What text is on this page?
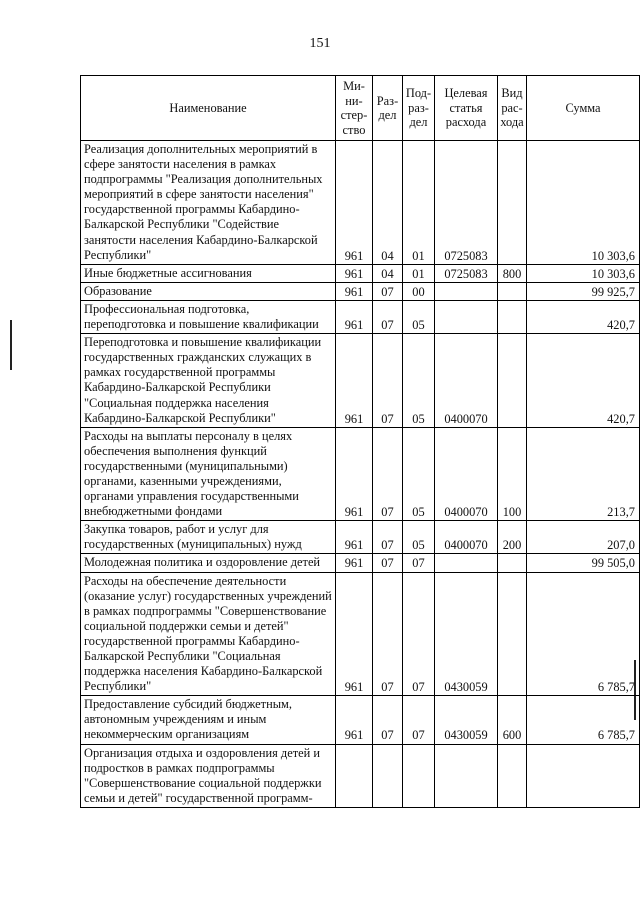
151
Наименование	Ми-ни-стер-ство	Раз-дел	Под-раз-дел	Целевая статья расхода	Вид рас-хода	Сумма
Реализация дополнительных мероприятий в сфере занятости населения в рамках подпрограммы "Реализация дополнительных мероприятий в сфере занятости населения" государственной программы Кабардино-Балкарской Республики "Содействие занятости населения Кабардино-Балкарской Республики"	961	04	01	0725083		10 303,6
Иные бюджетные ассигнования	961	04	01	0725083	800	10 303,6
Образование	961	07	00			99 925,7
Профессиональная подготовка, переподготовка и повышение квалификации	961	07	05			420,7
Переподготовка и повышение квалификации государственных гражданских служащих в рамках государственной программы Кабардино-Балкарской Республики "Социальная поддержка населения Кабардино-Балкарской Республики"	961	07	05	0400070		420,7
Расходы на выплаты персоналу в целях обеспечения выполнения функций государственными (муниципальными) органами, казенными учреждениями, органами управления государственными внебюджетными фондами	961	07	05	0400070	100	213,7
Закупка товаров, работ и услуг для государственных (муниципальных) нужд	961	07	05	0400070	200	207,0
Молодежная политика и оздоровление детей	961	07	07			99 505,0
Расходы на обеспечение деятельности (оказание услуг) государственных учреждений в рамках подпрограммы "Совершенствование социальной поддержки семьи и детей" государственной программы Кабардино-Балкарской Республики "Социальная поддержка населения Кабардино-Балкарской Республики"	961	07	07	0430059		6 785,7
Предоставление субсидий бюджетным, автономным учреждениям и иным некоммерческим организациям	961	07	07	0430059	600	6 785,7
Организация отдыха и оздоровления детей и подростков в рамках подпрограммы "Совершенствование социальной поддержки семьи и детей" государственной программ-						
